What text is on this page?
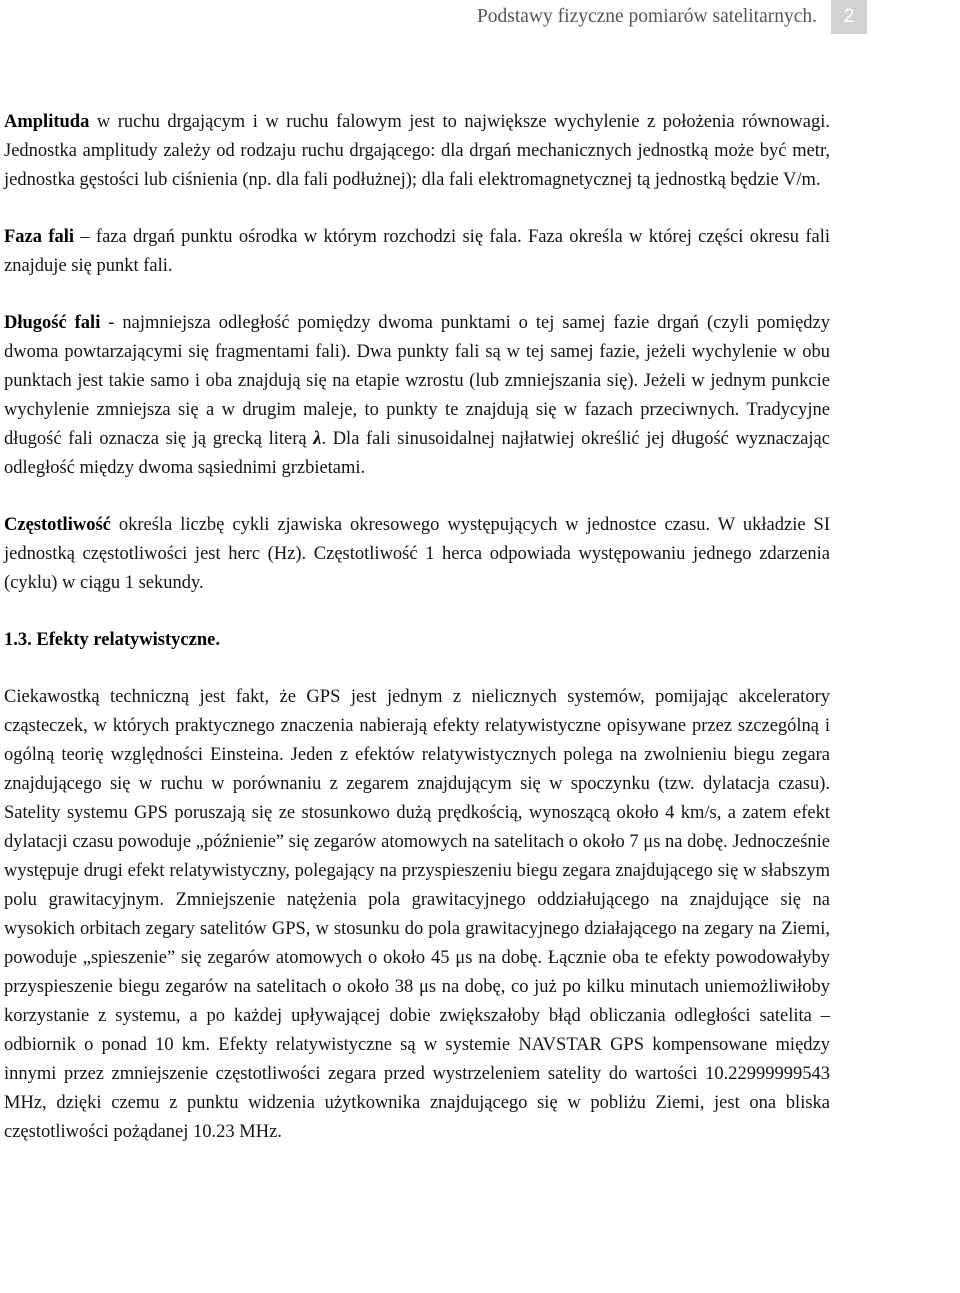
Podstawy fizyczne pomiarów satelitarnych. 2

Amplituda w ruchu drgającym i w ruchu falowym jest to największe wychylenie z położenia równowagi. Jednostka amplitudy zależy od rodzaju ruchu drgającego: dla drgań mechanicznych jednostką może być metr, jednostka gęstości lub ciśnienia (np. dla fali podłużnej); dla fali elektromagnetycznej tą jednostką będzie V/m.

Faza fali – faza drgań punktu ośrodka w którym rozchodzi się fala. Faza określa w której części okresu fali znajduje się punkt fali.

Długość fali - najmniejsza odległość pomiędzy dwoma punktami o tej samej fazie drgań (czyli pomiędzy dwoma powtarzającymi się fragmentami fali). Dwa punkty fali są w tej samej fazie, jeżeli wychylenie w obu punktach jest takie samo i oba znajdują się na etapie wzrostu (lub zmniejszania się). Jeżeli w jednym punkcie wychylenie zmniejsza się a w drugim maleje, to punkty te znajdują się w fazach przeciwnych. Tradycyjne długość fali oznacza się ją grecką literą λ. Dla fali sinusoidalnej najłatwiej określić jej długość wyznaczając odległość między dwoma sąsiednimi grzbietami.

Częstotliwość określa liczbę cykli zjawiska okresowego występujących w jednostce czasu. W układzie SI jednostką częstotliwości jest herc (Hz). Częstotliwość 1 herca odpowiada występowaniu jednego zdarzenia (cyklu) w ciągu 1 sekundy.

1.3. Efekty relatywistyczne.

Ciekawostką techniczną jest fakt, że GPS jest jednym z nielicznych systemów, pomijając akceleratory cząsteczek, w których praktycznego znaczenia nabierają efekty relatywistyczne opisywane przez szczególną i ogólną teorię względności Einsteina. Jeden z efektów relatywistycznych polega na zwolnieniu biegu zegara znajdującego się w ruchu w porównaniu z zegarem znajdującym się w spoczynku (tzw. dylatacja czasu). Satelity systemu GPS poruszają się ze stosunkowo dużą prędkością, wynoszącą około 4 km/s, a zatem efekt dylatacji czasu powoduje „późnienie” się zegarów atomowych na satelitach o około 7 μs na dobę. Jednocześnie występuje drugi efekt relatywistyczny, polegający na przyspieszeniu biegu zegara znajdującego się w słabszym polu grawitacyjnym. Zmniejszenie natężenia pola grawitacyjnego oddziałującego na znajdujące się na wysokich orbitach zegary satelitów GPS, w stosunku do pola grawitacyjnego działającego na zegary na Ziemi, powoduje „spieszenie” się zegarów atomowych o około 45 μs na dobę. Łącznie oba te efekty powodowałyby przyspieszenie biegu zegarów na satelitach o około 38 μs na dobę, co już po kilku minutach uniemożliwiłoby korzystanie z systemu, a po każdej upływającej dobie zwiększałoby błąd obliczania odległości satelita – odbiornik o ponad 10 km. Efekty relatywistyczne są w systemie NAVSTAR GPS kompensowane między innymi przez zmniejszenie częstotliwości zegara przed wystrzeleniem satelity do wartości 10.22999999543 MHz, dzięki czemu z punktu widzenia użytkownika znajdującego się w pobliżu Ziemi, jest ona bliska częstotliwości pożądanej 10.23 MHz.
